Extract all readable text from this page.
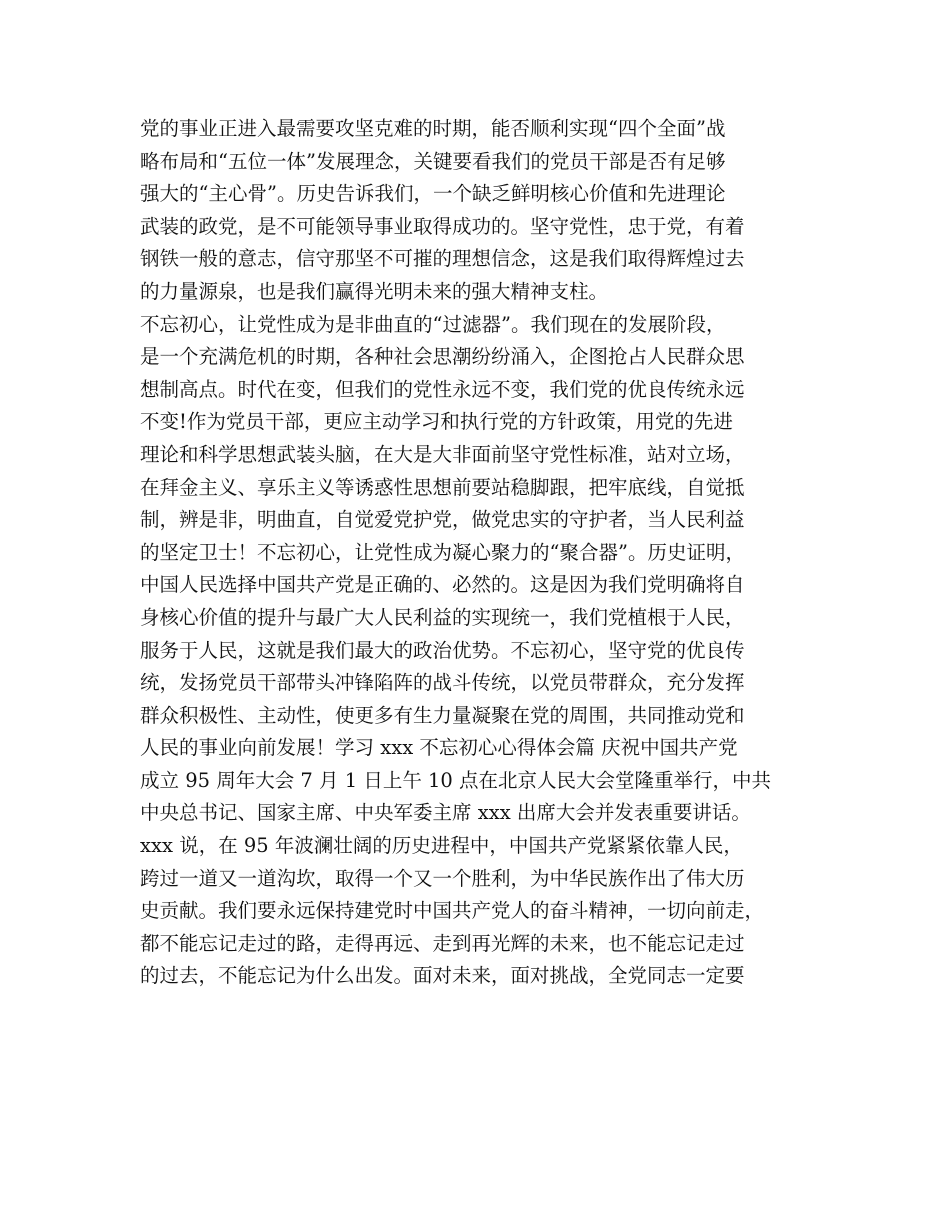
党的事业正进入最需要攻坚克难的时期，能否顺利实现“四个全面”战
略布局和“五位一体”发展理念，关键要看我们的党员干部是否有足够
强大的“主心骨”。历史告诉我们，一个缺乏鲜明核心价值和先进理论
武装的政党，是不可能领导事业取得成功的。坚守党性，忠于党，有着
钢铁一般的意志，信守那坚不可摧的理想信念，这是我们取得辉煌过去
的力量源泉，也是我们赢得光明未来的强大精神支柱。
不忘初心，让党性成为是非曲直的“过滤器”。我们现在的发展阶段，
是一个充满危机的时期，各种社会思潮纷纷涌入，企图抢占人民群众思
想制高点。时代在变，但我们的党性永远不变，我们党的优良传统永远
不变!作为党员干部，更应主动学习和执行党的方针政策，用党的先进
理论和科学思想武装头脑，在大是大非面前坚守党性标准，站对立场，
在拜金主义、享乐主义等诱惑性思想前要站稳脚跟，把牢底线，自觉抵
制，辨是非，明曲直，自觉爱党护党，做党忠实的守护者，当人民利益
的坚定卫士！不忘初心，让党性成为凝心聚力的“聚合器”。历史证明，
中国人民选择中国共产党是正确的、必然的。这是因为我们党明确将自
身核心价值的提升与最广大人民利益的实现统一，我们党植根于人民，
服务于人民，这就是我们最大的政治优势。不忘初心，坚守党的优良传
统，发扬党员干部带头冲锋陷阵的战斗传统，以党员带群众，充分发挥
群众积极性、主动性，使更多有生力量凝聚在党的周围，共同推动党和
人民的事业向前发展！学习 xxx 不忘初心心得体会篇 庆祝中国共产党
成立 95 周年大会 7 月 1 日上午 10 点在北京人民大会堂隆重举行，中共
中央总书记、国家主席、中央军委主席 xxx 出席大会并发表重要讲话。
xxx 说，在 95 年波澜壮阔的历史进程中，中国共产党紧紧依靠人民，
跨过一道又一道沟坎，取得一个又一个胜利，为中华民族作出了伟大历
史贡献。我们要永远保持建党时中国共产党人的奋斗精神，一切向前走，
都不能忘记走过的路，走得再远、走到再光辉的未来，也不能忘记走过
的过去，不能忘记为什么出发。面对未来，面对挑战，全党同志一定要
